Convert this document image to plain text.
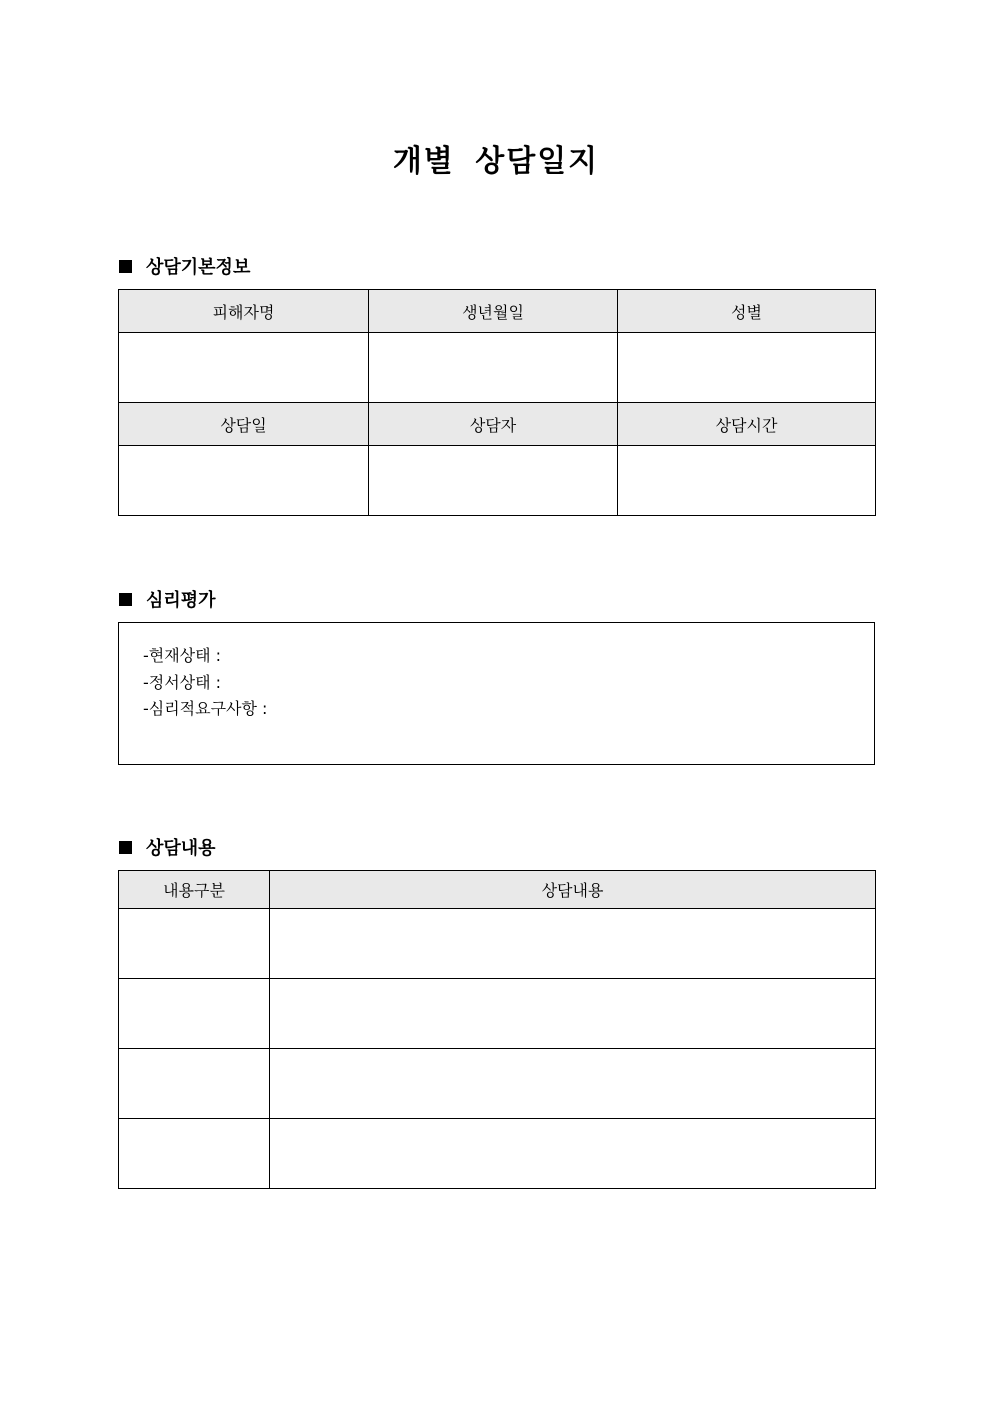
개별 상담일지
상담기본정보
피해자명	생년월일	성별

상담일	상담자	상담시간

심리평가
-현재상태 :
-정서상태 :
-심리적요구사항 :
상담내용
내용구분	상담내용
